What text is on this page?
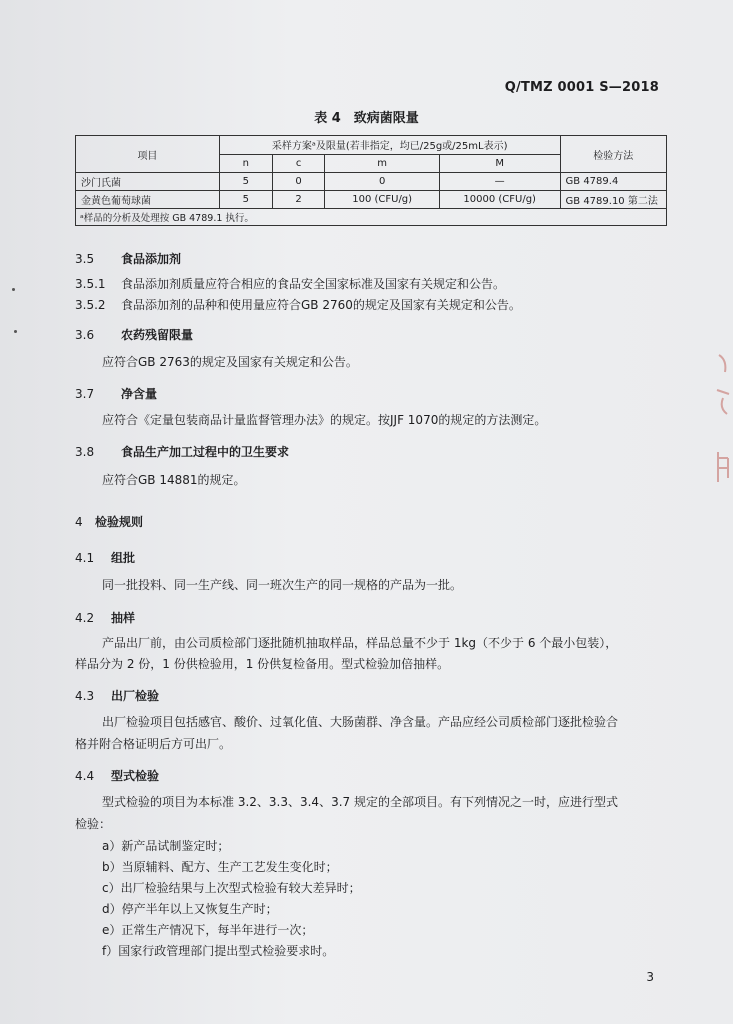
Q/TMZ 0001 S—2018
表 4　致病菌限量
项目	采样方案ᵃ及限量(若非指定，均已/25g或/25mL表示)				检验方法
	n	c	m	M	
沙门氏菌	5	0	0	—	GB 4789.4
金黄色葡萄球菌	5	2	100 (CFU/g)	10000 (CFU/g)	GB 4789.10 第二法
ᵃ样品的分析及处理按 GB 4789.1 执行。					
3.5 食品添加剂
3.5.1 食品添加剂质量应符合相应的食品安全国家标准及国家有关规定和公告。
3.5.2 食品添加剂的品种和使用量应符合GB 2760的规定及国家有关规定和公告。
3.6 农药残留限量
应符合GB 2763的规定及国家有关规定和公告。
3.7 净含量
应符合《定量包装商品计量监督管理办法》的规定。按JJF 1070的规定的方法测定。
3.8 食品生产加工过程中的卫生要求
应符合GB 14881的规定。
4 检验规则
4.1 组批
同一批投料、同一生产线、同一班次生产的同一规格的产品为一批。
4.2 抽样
产品出厂前，由公司质检部门逐批随机抽取样品，样品总量不少于 1kg（不少于 6 个最小包装），
样品分为 2 份，1 份供检验用，1 份供复检备用。型式检验加倍抽样。
4.3 出厂检验
出厂检验项目包括感官、酸价、过氧化值、大肠菌群、净含量。产品应经公司质检部门逐批检验合
格并附合格证明后方可出厂。
4.4 型式检验
型式检验的项目为本标准 3.2、3.3、3.4、3.7 规定的全部项目。有下列情况之一时，应进行型式
检验：
a）新产品试制鉴定时；
b）当原辅料、配方、生产工艺发生变化时；
c）出厂检验结果与上次型式检验有较大差异时；
d）停产半年以上又恢复生产时；
e）正常生产情况下，每半年进行一次；
f）国家行政管理部门提出型式检验要求时。
3
